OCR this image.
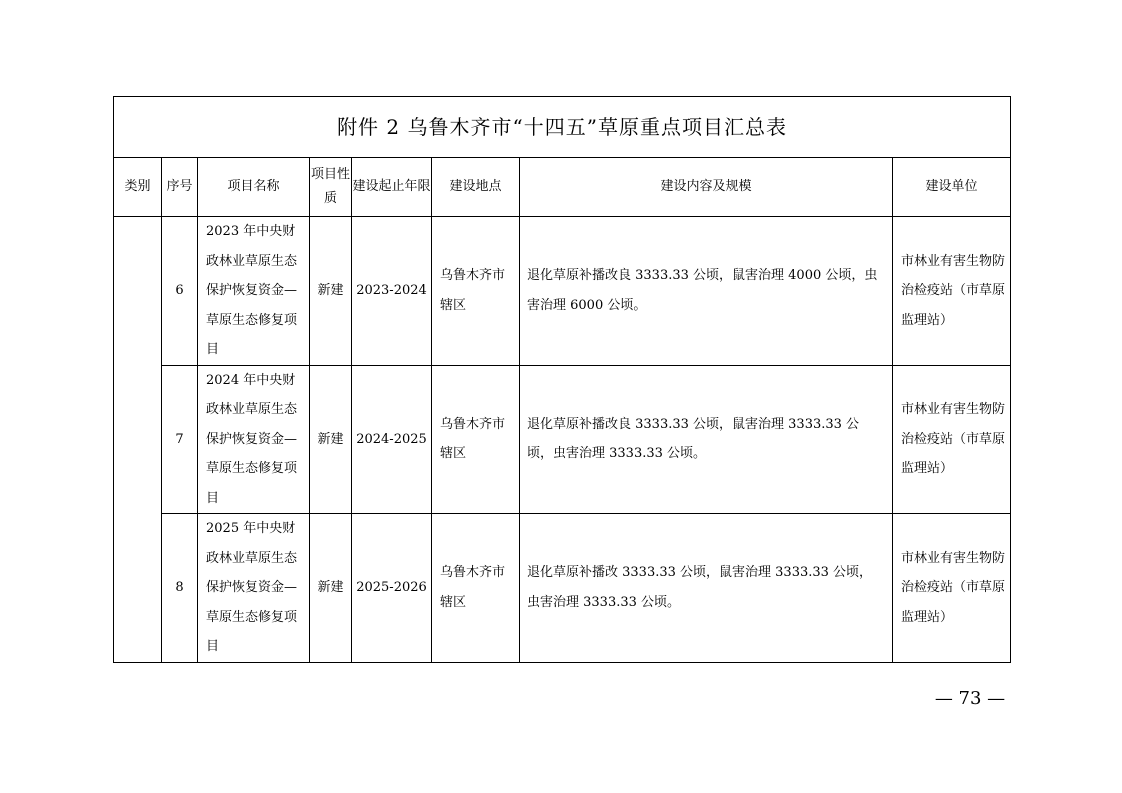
附件 2 乌鲁木齐市“十四五”草原重点项目汇总表							
类别	序号	项目名称	项目性质	建设起止年限	建设地点	建设内容及规模	建设单位
	6	2023 年中央财政林业草原生态保护恢复资金—草原生态修复项目	新建	2023-2024	乌鲁木齐市辖区	退化草原补播改良 3333.33 公顷，鼠害治理 4000 公顷，虫害治理 6000 公顷。	市林业有害生物防治检疫站（市草原监理站）
	7	2024 年中央财政林业草原生态保护恢复资金—草原生态修复项目	新建	2024-2025	乌鲁木齐市辖区	退化草原补播改良 3333.33 公顷，鼠害治理 3333.33 公顷，虫害治理 3333.33 公顷。	市林业有害生物防治检疫站（市草原监理站）
	8	2025 年中央财政林业草原生态保护恢复资金—草原生态修复项目	新建	2025-2026	乌鲁木齐市辖区	退化草原补播改 3333.33 公顷，鼠害治理 3333.33 公顷，虫害治理 3333.33 公顷。	市林业有害生物防治检疫站（市草原监理站）
— 73 —
